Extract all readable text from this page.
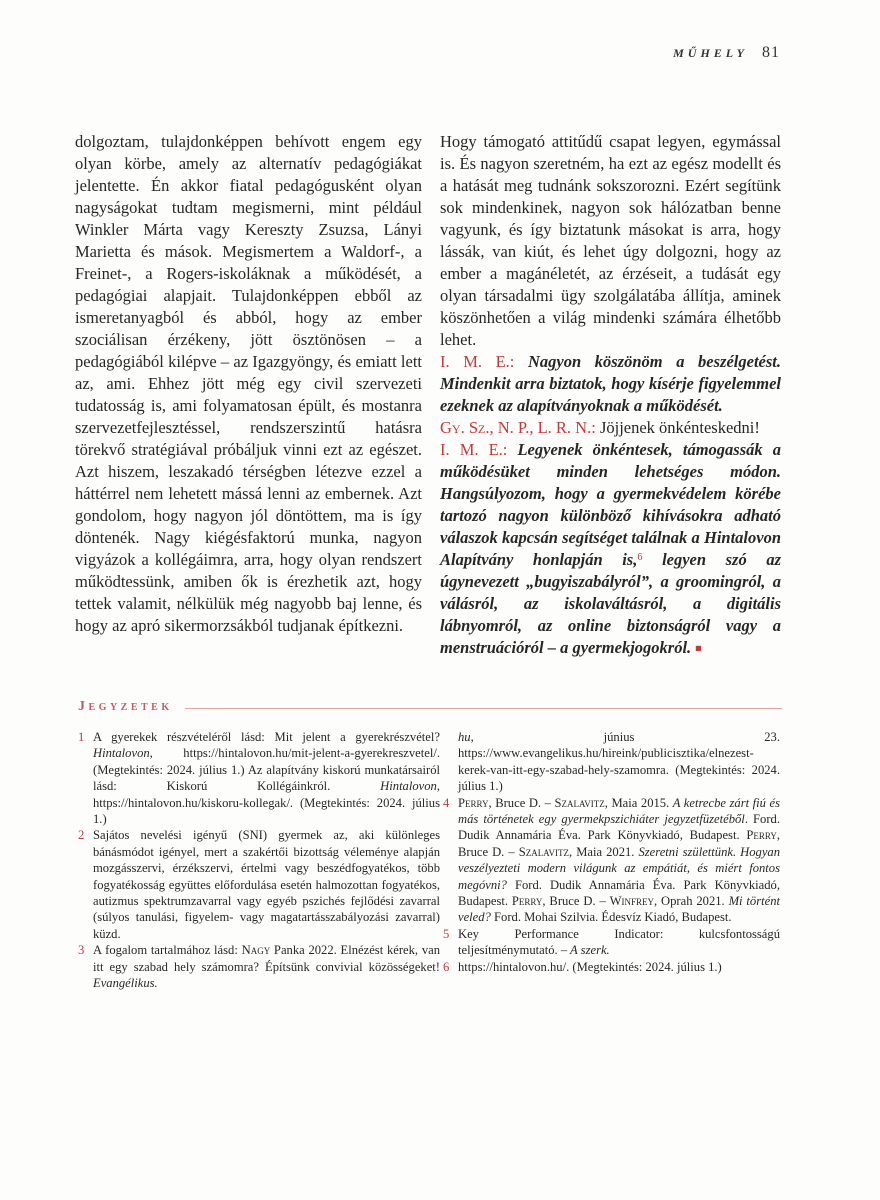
MŰHELY 81

dolgoztam, tulajdonképpen behívott engem egy olyan körbe, amely az alternatív pedagógiákat jelentette. Én akkor fiatal pedagógusként olyan nagyságokat tudtam megismerni, mint például Winkler Márta vagy Kereszty Zsuzsa, Lányi Marietta és mások. Megismertem a Waldorf-, a Freinet-, a Rogers-iskoláknak a működését, a pedagógiai alapjait. Tulajdonképpen ebből az ismeretanyagból és abból, hogy az ember szociálisan érzékeny, jött ösztönösen – a pedagógiából kilépve – az Igazgyöngy, és emiatt lett az, ami. Ehhez jött még egy civil szervezeti tudatosság is, ami folyamatosan épült, és mostanra szervezetfejlesztéssel, rendszerszintű hatásra törekvő stratégiával próbáljuk vinni ezt az egészet. Azt hiszem, leszakadó térségben létezve ezzel a háttérrel nem lehetett mássá lenni az embernek. Azt gondolom, hogy nagyon jól döntöttem, ma is így döntenék. Nagy kiégésfaktorú munka, nagyon vigyázok a kollégáimra, arra, hogy olyan rendszert működtessünk, amiben ők is érezhetik azt, hogy tettek valamit, nélkülük még nagyobb baj lenne, és hogy az apró sikermorzsákból tudjanak építkezni.

Hogy támogató attitűdű csapat legyen, egymással is. És nagyon szeretném, ha ezt az egész modellt és a hatását meg tudnánk sokszorozni. Ezért segítünk sok mindenkinek, nagyon sok hálózatban benne vagyunk, és így biztatunk másokat is arra, hogy lássák, van kiút, és lehet úgy dolgozni, hogy az ember a magánéletét, az érzéseit, a tudását egy olyan társadalmi ügy szolgálatába állítja, aminek köszönhetően a világ mindenki számára élhetőbb lehet.

I. M. E.: Nagyon köszönöm a beszélgetést. Mindenkit arra biztatok, hogy kísérje figyelemmel ezeknek az alapítványoknak a működését.

Gy. Sz., N. P., L. R. N.: Jöjjenek önkénteskedni!

I. M. E.: Legyenek önkéntesek, támogassák a működésüket minden lehetséges módon. Hangsúlyozom, hogy a gyermekvédelem körébe tartozó nagyon különböző kihívásokra adható válaszok kapcsán segítséget találnak a Hintalovon Alapítvány honlapján is,$^6$ legyen szó az úgynevezett „bugyiszabályról”, a groomingról, a válásról, az iskolaváltásról, a digitális lábnyomról, az online biztonságról vagy a menstruációról – a gyermekjogokról. ■

Jegyzetek
1 A gyerekek részvételéről lásd: Mit jelent a gyerekrészvétel? Hintalovon, https://hintalovon.hu/mit-jelent-a-gyerekreszvetel/. (Megtekintés: 2024. július 1.) Az alapítvány kiskorú munkatársairól lásd: Kiskorú Kollégáinkról. Hintalovon, https://hintalovon.hu/kiskoru-kollegak/. (Megtekintés: 2024. július 1.)
2 Sajátos nevelési igényű (SNI) gyermek az, aki különleges bánásmódot igényel, mert a szakértői bizottság véleménye alapján mozgásszervi, érzékszervi, értelmi vagy beszédfogyatékos, több fogyatékosság együttes előfordulása esetén halmozottan fogyatékos, autizmus spektrumzavarral vagy egyéb pszichés fejlődési zavarral (súlyos tanulási, figyelem- vagy magatartásszabályozási zavarral) küzd.
3 A fogalom tartalmához lásd: Nagy Panka 2022. Elnézést kérek, van itt egy szabad hely számomra? Építsünk convivial közösségeket! Evangélikus.
hu, június 23. https://www.evangelikus.hu/hireink/publicisztika/elnezest-kerek-van-itt-egy-szabad-hely-szamomra. (Megtekintés: 2024. július 1.)
4 Perry, Bruce D. – Szalavitz, Maia 2015. A ketrecbe zárt fiú és más történetek egy gyermekpszichiáter jegyzetfüzetéből. Ford. Dudik Annamária Éva. Park Könyvkiadó, Budapest. Perry, Bruce D. – Szalavitz, Maia 2021. Szeretni születtünk. Hogyan veszélyezteti modern világunk az empátiát, és miért fontos megóvni? Ford. Dudik Annamária Éva. Park Könyvkiadó, Budapest. Perry, Bruce D. – Winfrey, Oprah 2021. Mi történt veled? Ford. Mohai Szilvia. Édesvíz Kiadó, Budapest.
5 Key Performance Indicator: kulcsfontosságú teljesítménymutató. – A szerk.
6 https://hintalovon.hu/. (Megtekintés: 2024. július 1.)
